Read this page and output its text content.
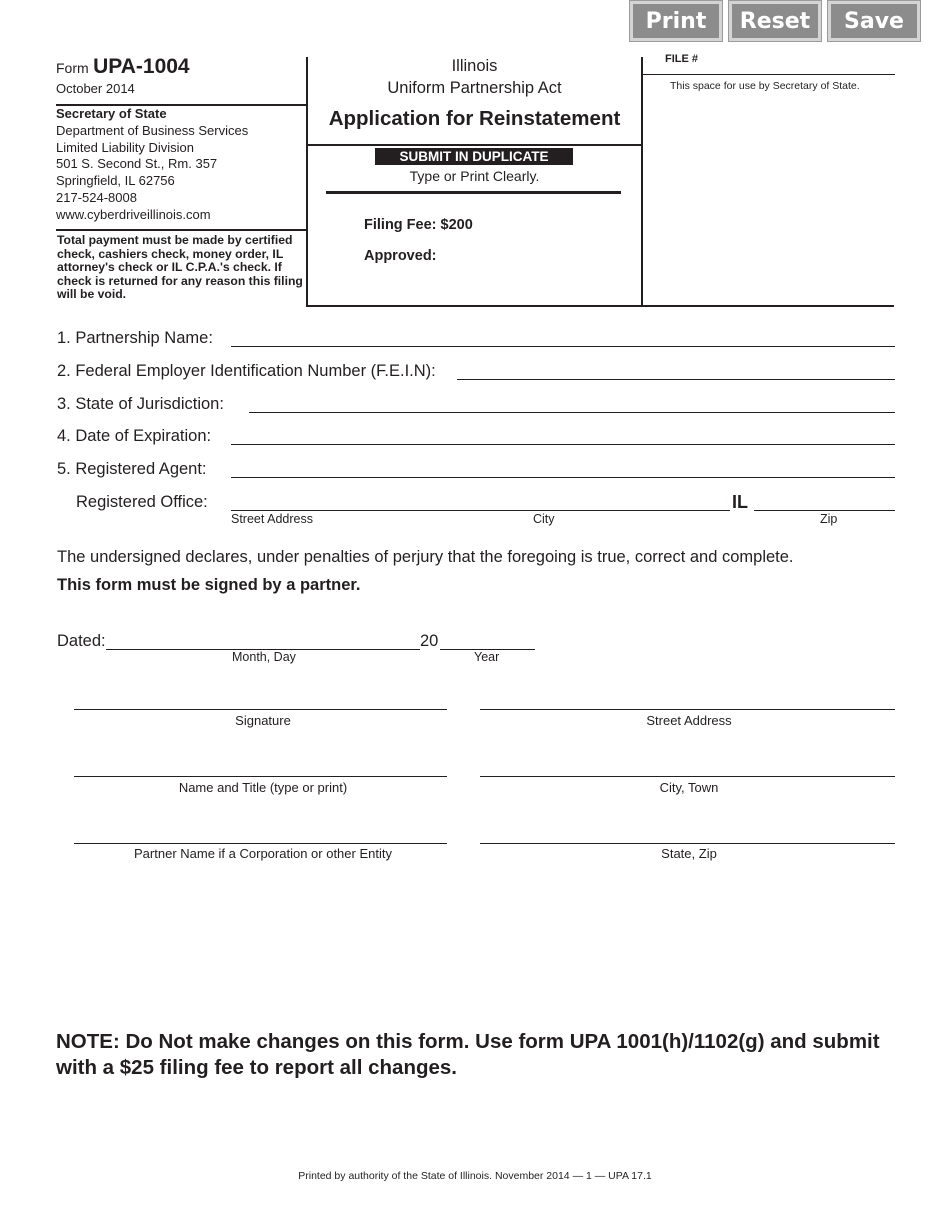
Print	Reset	Save
Form UPA-1004
October 2014
Secretary of State
Department of Business Services
Limited Liability Division
501 S. Second St., Rm. 357
Springfield, IL 62756
217-524-8008
www.cyberdriveillinois.com
Total payment must be made by certified check, cashiers check, money order, IL attorney's check or IL C.P.A.'s check. If check is returned for any reason this filing will be void.
Illinois
Uniform Partnership Act
Application for Reinstatement
SUBMIT IN DUPLICATE
Type or Print Clearly.
Filing Fee: $200
Approved:
FILE #
This space for use by Secretary of State.
1. Partnership Name:
2. Federal Employer Identification Number (F.E.I.N):
3. State of Jurisdiction:
4. Date of Expiration:
5. Registered Agent:
Registered Office:	IL
Street Address	City	Zip
The undersigned declares, under penalties of perjury that the foregoing is true, correct and complete.
This form must be signed by a partner.
Dated:	20
Month, Day	Year
Signature	Street Address
Name and Title (type or print)	City, Town
Partner Name if a Corporation or other Entity	State, Zip
NOTE: Do Not make changes on this form. Use form UPA 1001(h)/1102(g) and submit with a $25 filing fee to report all changes.
Printed by authority of the State of Illinois. November 2014 — 1 — UPA 17.1
